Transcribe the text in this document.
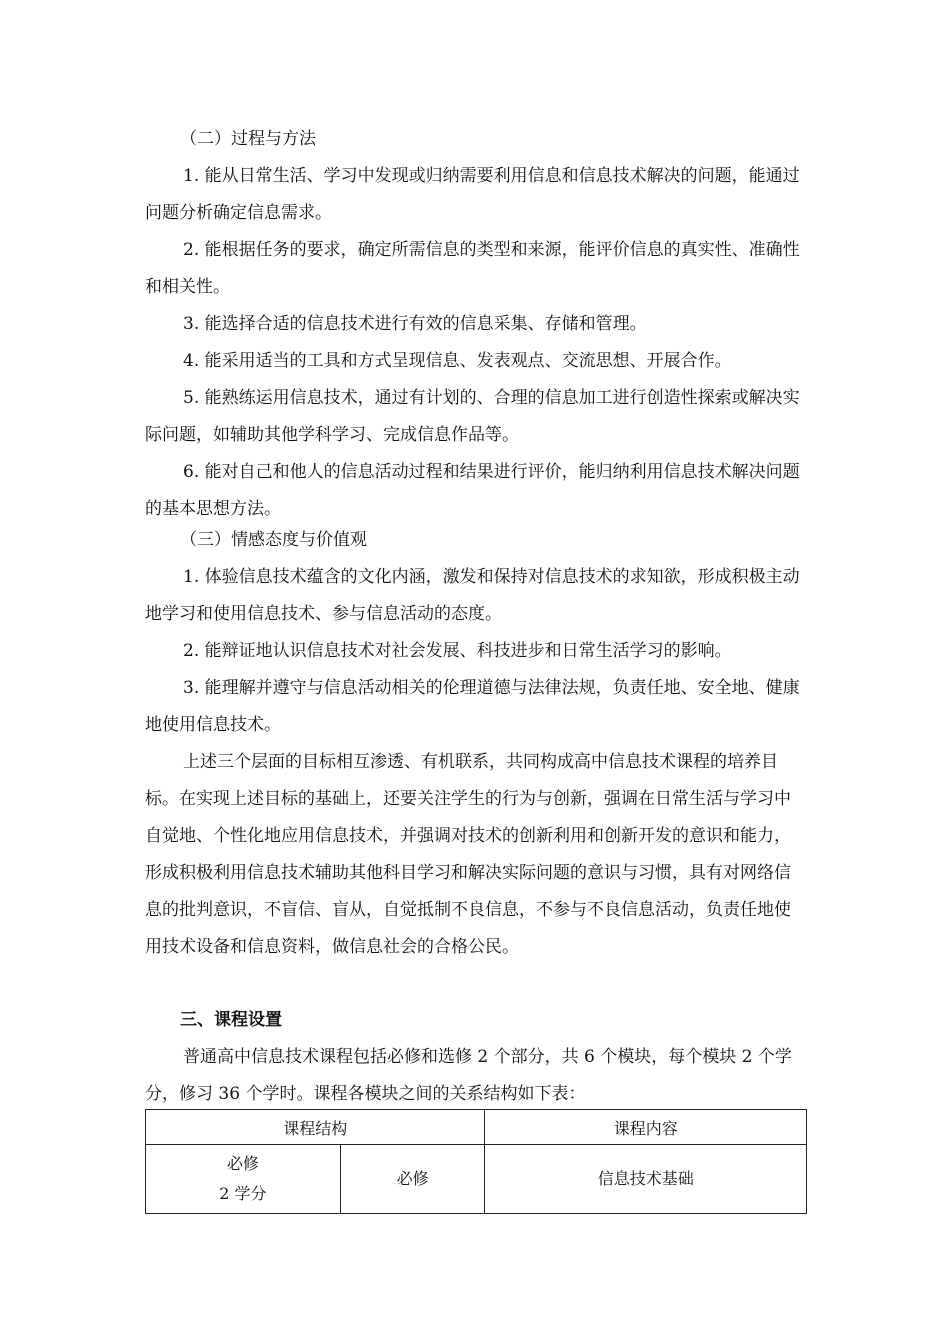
（二）过程与方法

1. 能从日常生活、学习中发现或归纳需要利用信息和信息技术解决的问题，能通过问题分析确定信息需求。

2. 能根据任务的要求，确定所需信息的类型和来源，能评价信息的真实性、准确性和相关性。

3. 能选择合适的信息技术进行有效的信息采集、存储和管理。

4. 能采用适当的工具和方式呈现信息、发表观点、交流思想、开展合作。

5. 能熟练运用信息技术，通过有计划的、合理的信息加工进行创造性探索或解决实际问题，如辅助其他学科学习、完成信息作品等。

6. 能对自己和他人的信息活动过程和结果进行评价，能归纳利用信息技术解决问题的基本思想方法。

（三）情感态度与价值观

1. 体验信息技术蕴含的文化内涵，激发和保持对信息技术的求知欲，形成积极主动地学习和使用信息技术、参与信息活动的态度。

2. 能辩证地认识信息技术对社会发展、科技进步和日常生活学习的影响。

3. 能理解并遵守与信息活动相关的伦理道德与法律法规，负责任地、安全地、健康地使用信息技术。

上述三个层面的目标相互渗透、有机联系，共同构成高中信息技术课程的培养目标。在实现上述目标的基础上，还要关注学生的行为与创新，强调在日常生活与学习中自觉地、个性化地应用信息技术，并强调对技术的创新利用和创新开发的意识和能力，形成积极利用信息技术辅助其他科目学习和解决实际问题的意识与习惯，具有对网络信息的批判意识，不盲信、盲从，自觉抵制不良信息，不参与不良信息活动，负责任地使用技术设备和信息资料，做信息社会的合格公民。

三、课程设置

普通高中信息技术课程包括必修和选修 2 个部分，共 6 个模块，每个模块 2 个学分，修习 36 个学时。课程各模块之间的关系结构如下表：

课程结构		课程内容

必修
2 学分	必修	信息技术基础
